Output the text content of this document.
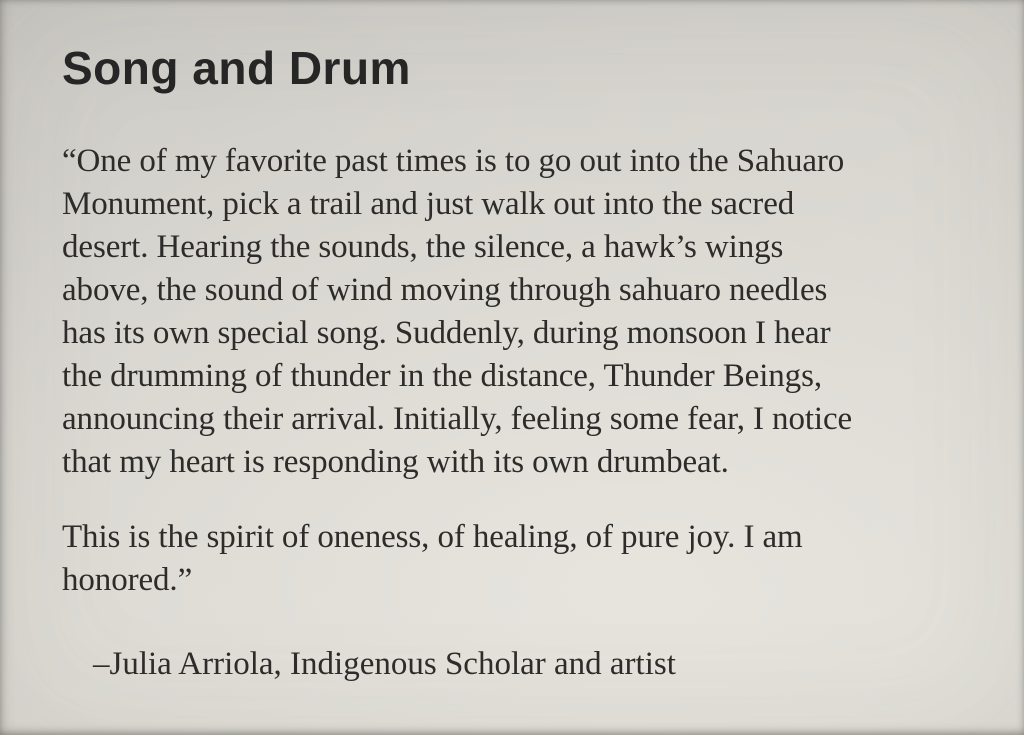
Song and Drum
“One of my favorite past times is to go out into the Sahuaro
Monument, pick a trail and just walk out into the sacred
desert. Hearing the sounds, the silence, a hawk’s wings
above, the sound of wind moving through sahuaro needles
has its own special song. Suddenly, during monsoon I hear
the drumming of thunder in the distance, Thunder Beings,
announcing their arrival. Initially, feeling some fear, I notice
that my heart is responding with its own drumbeat.
This is the spirit of oneness, of healing, of pure joy. I am
honored.”
–Julia Arriola, Indigenous Scholar and artist
